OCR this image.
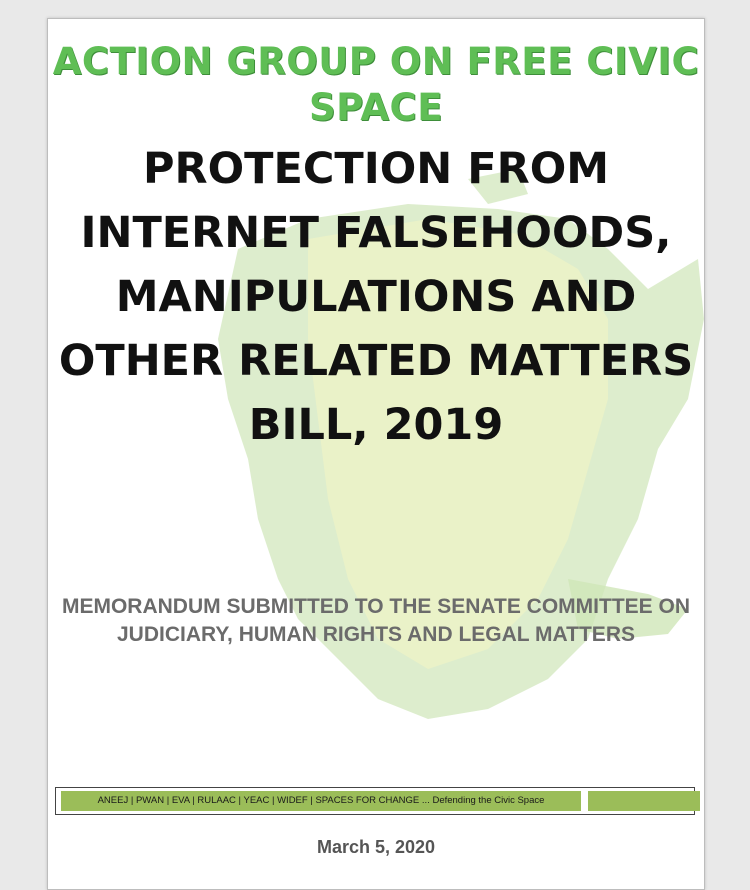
ACTION GROUP ON FREE CIVIC SPACE
PROTECTION FROM INTERNET FALSEHOODS, MANIPULATIONS AND OTHER RELATED MATTERS BILL, 2019
MEMORANDUM SUBMITTED TO THE SENATE COMMITTEE ON JUDICIARY, HUMAN RIGHTS AND LEGAL MATTERS
ANEEJ | PWAN | EVA | RULAAC | YEAC | WIDEF | SPACES FOR CHANGE ... Defending the Civic Space
March 5, 2020
